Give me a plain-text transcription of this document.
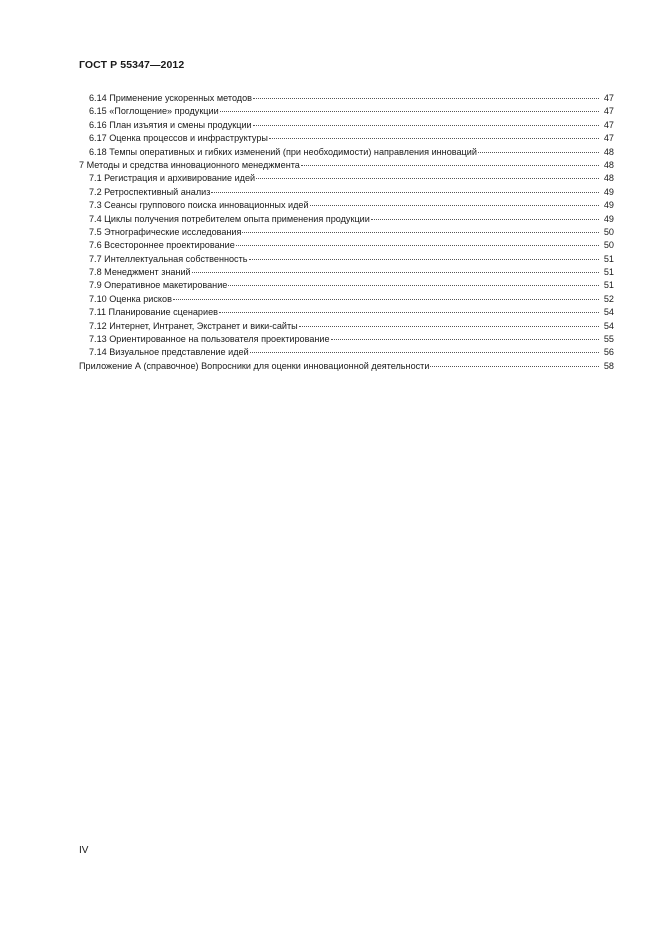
ГОСТ Р 55347—2012
6.14 Применение ускоренных методов	47
6.15 «Поглощение» продукции	47
6.16 План изъятия и смены продукции	47
6.17 Оценка процессов и инфраструктуры	47
6.18 Темпы оперативных и гибких изменений (при необходимости) направления инноваций	48
7 Методы и средства инновационного менеджмента	48
7.1 Регистрация и архивирование идей	48
7.2 Ретроспективный анализ	49
7.3 Сеансы группового поиска инновационных идей	49
7.4 Циклы получения потребителем опыта применения продукции	49
7.5 Этнографические исследования	50
7.6 Всестороннее проектирование	50
7.7 Интеллектуальная собственность	51
7.8 Менеджмент знаний	51
7.9 Оперативное макетирование	51
7.10 Оценка рисков	52
7.11 Планирование сценариев	54
7.12 Интернет, Интранет, Экстранет и вики-сайты	54
7.13 Ориентированное на пользователя проектирование	55
7.14 Визуальное представление идей	56
Приложение А (справочное) Вопросники для оценки инновационной деятельности	58
IV
